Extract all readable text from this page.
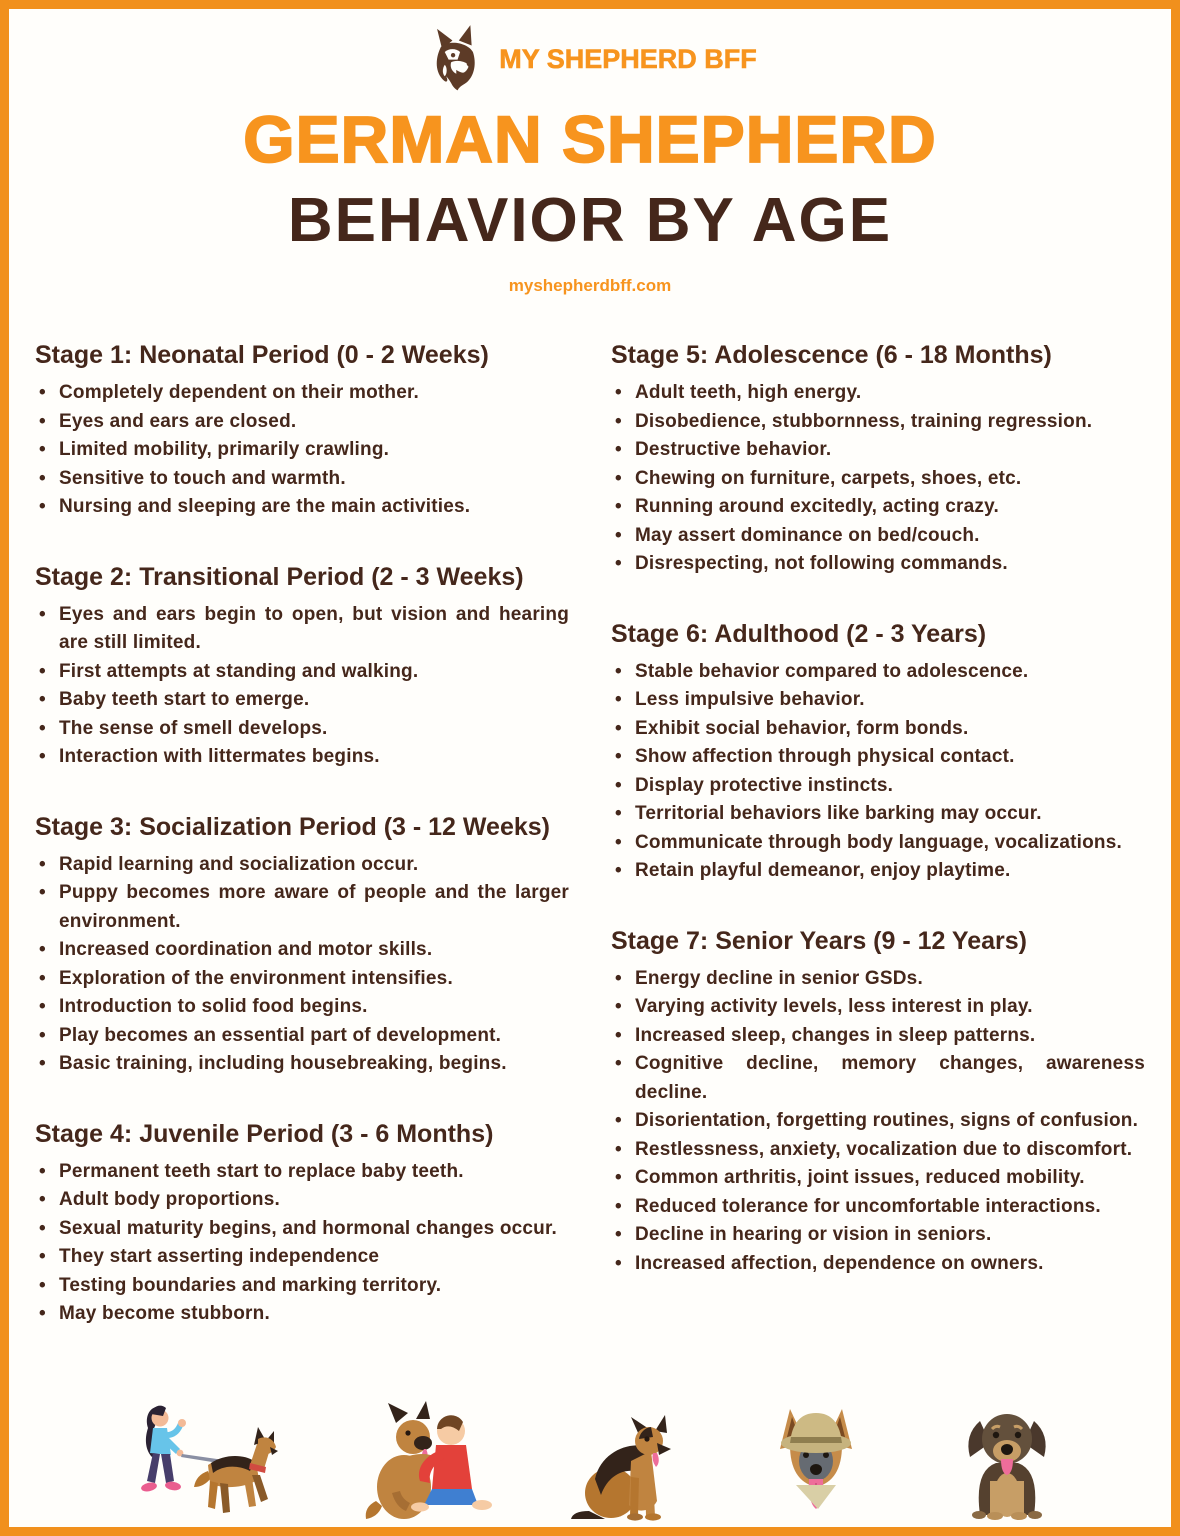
MY SHEPHERD BFF
GERMAN SHEPHERD
BEHAVIOR BY AGE
myshepherdbff.com
Stage 1: Neonatal Period (0 - 2 Weeks)
• Completely dependent on their mother.
• Eyes and ears are closed.
• Limited mobility, primarily crawling.
• Sensitive to touch and warmth.
• Nursing and sleeping are the main activities.
Stage 2: Transitional Period (2 - 3 Weeks)
• Eyes and ears begin to open, but vision and hearing are still limited.
• First attempts at standing and walking.
• Baby teeth start to emerge.
• The sense of smell develops.
• Interaction with littermates begins.
Stage 3: Socialization Period (3 - 12 Weeks)
• Rapid learning and socialization occur.
• Puppy becomes more aware of people and the larger environment.
• Increased coordination and motor skills.
• Exploration of the environment intensifies.
• Introduction to solid food begins.
• Play becomes an essential part of development.
• Basic training, including housebreaking, begins.
Stage 4: Juvenile Period (3 - 6 Months)
• Permanent teeth start to replace baby teeth.
• Adult body proportions.
• Sexual maturity begins, and hormonal changes occur.
• They start asserting independence
• Testing boundaries and marking territory.
• May become stubborn.
Stage 5: Adolescence (6 - 18 Months)
• Adult teeth, high energy.
• Disobedience, stubbornness, training regression.
• Destructive behavior.
• Chewing on furniture, carpets, shoes, etc.
• Running around excitedly, acting crazy.
• May assert dominance on bed/couch.
• Disrespecting, not following commands.
Stage 6: Adulthood (2 - 3 Years)
• Stable behavior compared to adolescence.
• Less impulsive behavior.
• Exhibit social behavior, form bonds.
• Show affection through physical contact.
• Display protective instincts.
• Territorial behaviors like barking may occur.
• Communicate through body language, vocalizations.
• Retain playful demeanor, enjoy playtime.
Stage 7: Senior Years (9 - 12 Years)
• Energy decline in senior GSDs.
• Varying activity levels, less interest in play.
• Increased sleep, changes in sleep patterns.
• Cognitive decline, memory changes, awareness decline.
• Disorientation, forgetting routines, signs of confusion.
• Restlessness, anxiety, vocalization due to discomfort.
• Common arthritis, joint issues, reduced mobility.
• Reduced tolerance for uncomfortable interactions.
• Decline in hearing or vision in seniors.
• Increased affection, dependence on owners.
